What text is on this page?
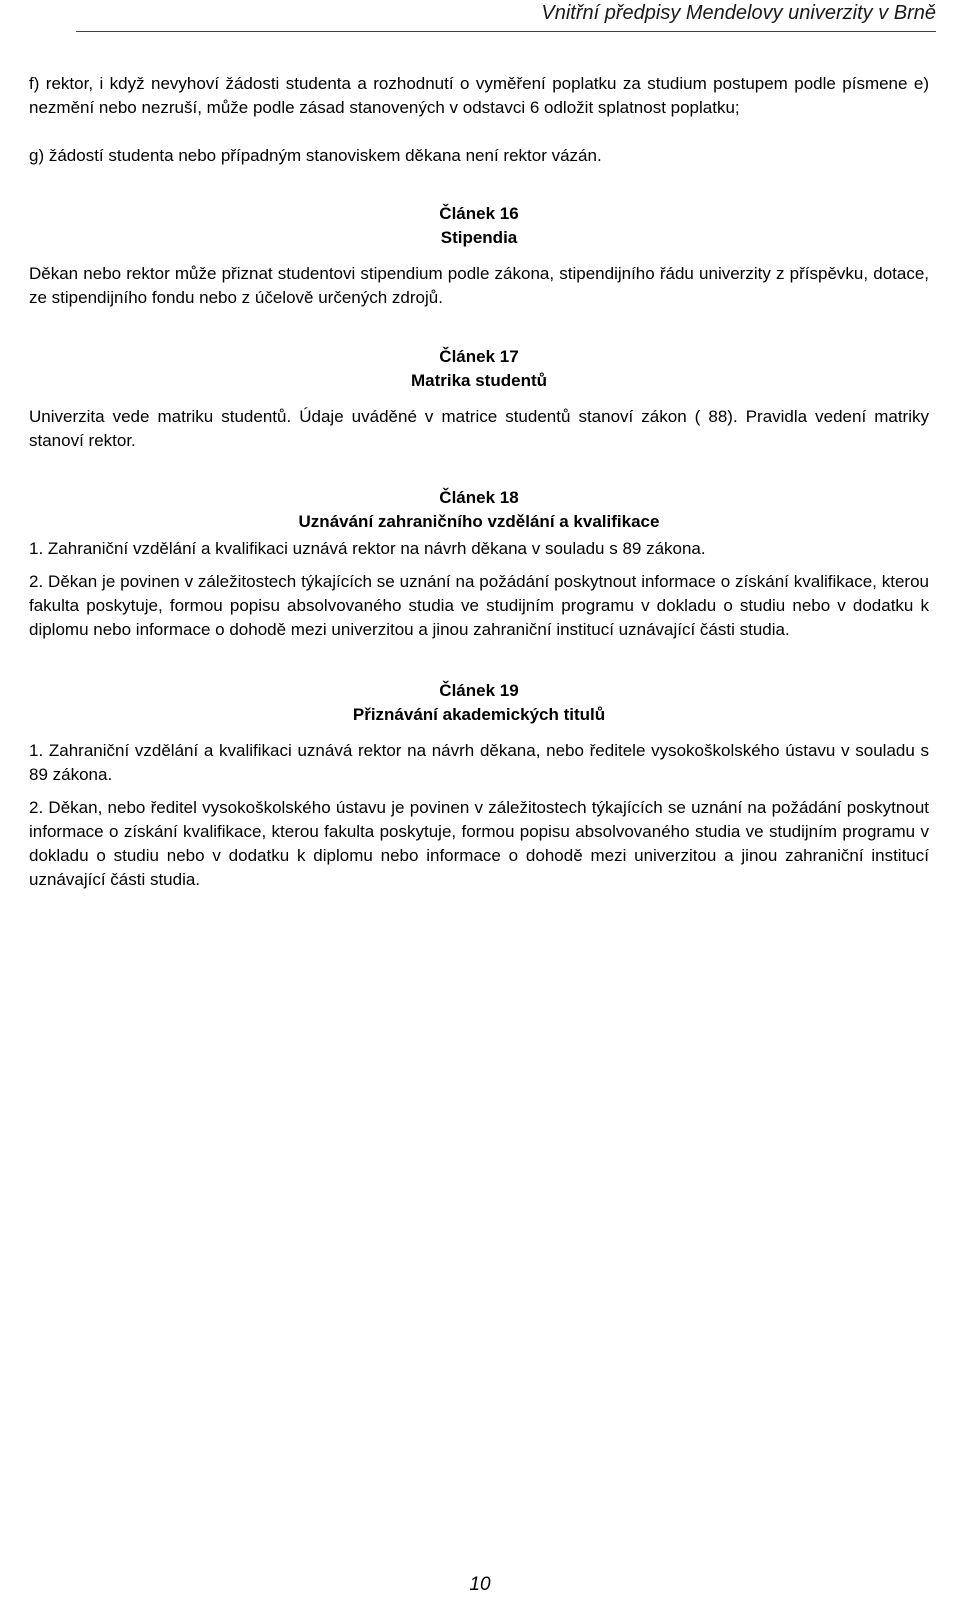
Vnitřní předpisy Mendelovy univerzity v Brně

f) rektor, i když nevyhoví žádosti studenta a rozhodnutí o vyměření poplatku za studium postupem podle písmene e) nezmění nebo nezruší, může podle zásad stanovených v odstavci 6 odložit splatnost poplatku;

g) žádostí studenta nebo případným stanoviskem děkana není rektor vázán.

Článek 16

Stipendia

Děkan nebo rektor může přiznat studentovi stipendium podle zákona, stipendijního řádu univerzity z příspěvku, dotace, ze stipendijního fondu nebo z účelově určených zdrojů.

Článek 17

Matrika studentů

Univerzita vede matriku studentů. Údaje uváděné v matrice studentů stanoví zákon ( 88). Pravidla vedení matriky stanoví rektor.

Článek 18

Uznávání zahraničního vzdělání a kvalifikace

1. Zahraniční vzdělání a kvalifikaci uznává rektor na návrh děkana v souladu s 89 zákona.

2. Děkan je povinen v záležitostech týkajících se uznání na požádání poskytnout informace o získání kvalifikace, kterou fakulta poskytuje, formou popisu absolvovaného studia ve studijním programu v dokladu o studiu nebo v dodatku k diplomu nebo informace o dohodě mezi univerzitou a jinou zahraniční institucí uznávající části studia.

Článek 19

Přiznávání akademických titulů

1. Zahraniční vzdělání a kvalifikaci uznává rektor na návrh děkana, nebo ředitele vysokoškolského ústavu v souladu s 89 zákona.

2. Děkan, nebo ředitel vysokoškolského ústavu je povinen v záležitostech týkajících se uznání na požádání poskytnout informace o získání kvalifikace, kterou fakulta poskytuje, formou popisu absolvovaného studia ve studijním programu v dokladu o studiu nebo v dodatku k diplomu nebo informace o dohodě mezi univerzitou a jinou zahraniční institucí uznávající části studia.

10
